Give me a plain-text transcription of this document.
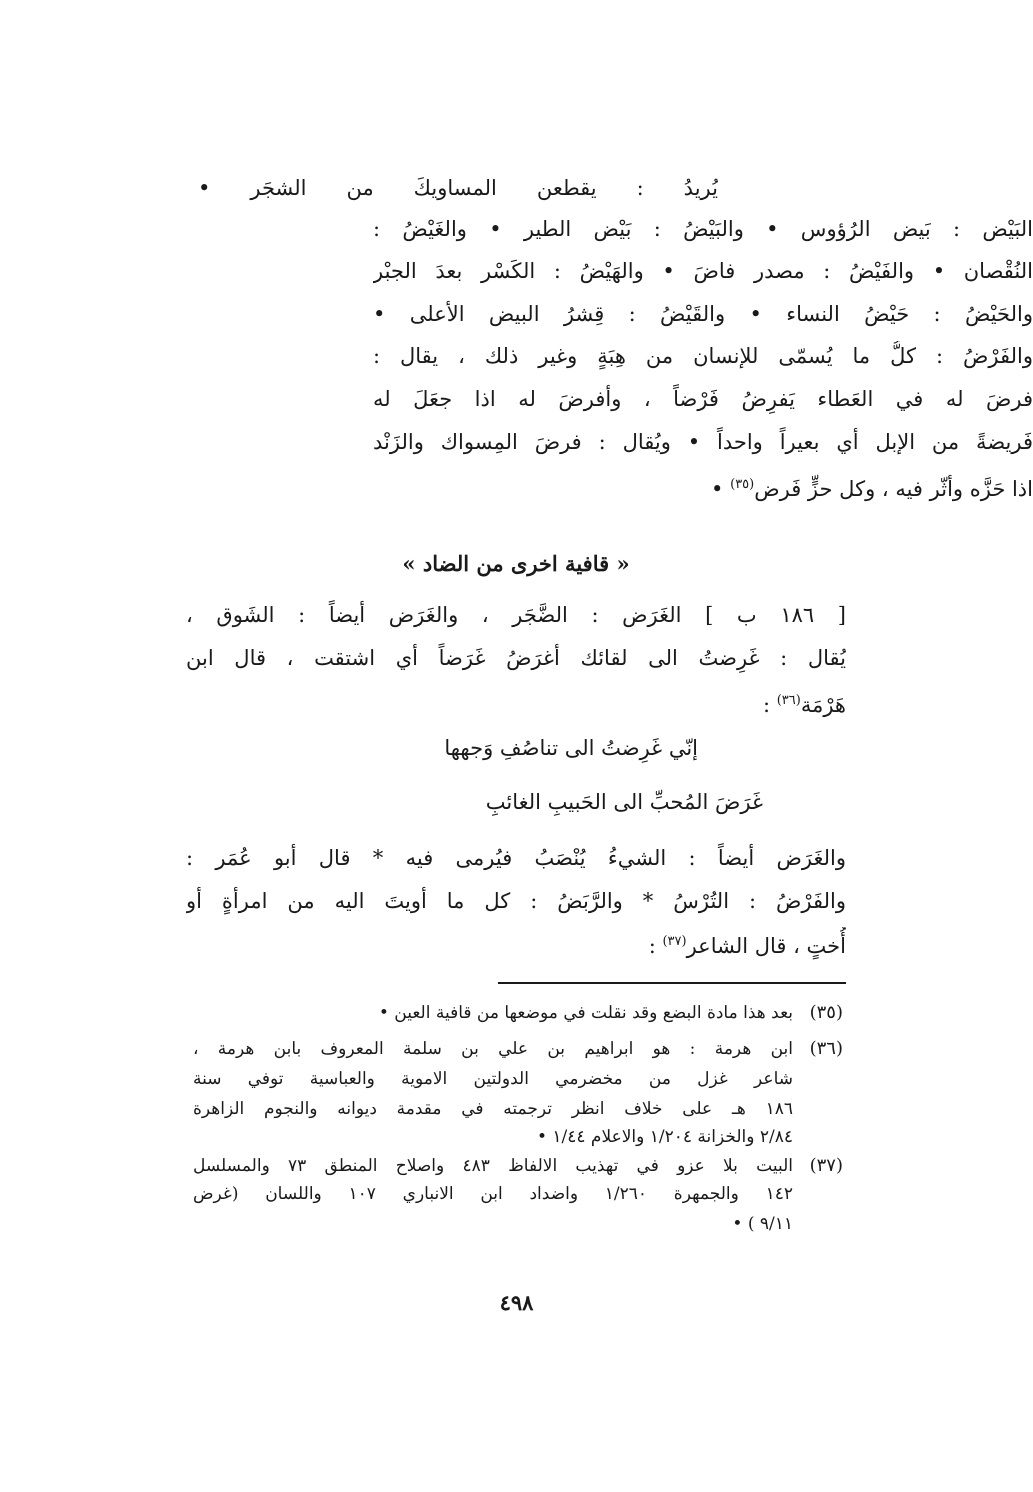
يُريدُ : يقطعن المساويكَ من الشجَر •
البَيْض : بَيض الرُؤوس • والبَيْضُ : بَيْض الطير • والغَيْضُ :
النُقْصان • والفَيْضُ : مصدر فاضَ • والهَيْضُ : الكَسْر بعدَ الجبْر
والحَيْضُ : حَيْضُ النساء • والقَيْضُ : قِشرُ البيض الأعلى •
والفَرْضُ : كلُّ ما يُسمّى للإنسان من هِبَةٍ وغير ذلك ، يقال :
فرضَ له في العَطاء يَفرِضُ فَرْضاً ، وأفرضَ له اذا جعَلَ له
فَريضةً من الإبل أي بعيراً واحداً • ويُقال : فرضَ المِسواك والزَنْد
اذا حَزَّه وأثّر فيه ، وكل حزٍّ فَرض$^{(٣٥)}$ •
« قافية اخرى من الضاد »
[ ١٨٦ ب ] الغَرَض : الضَّجَر ، والغَرَض أيضاً : الشَوق ،
يُقال : غَرِضتُ الى لقائك أغرَضُ غَرَضاً أي اشتقت ، قال ابن
هَرْمَة$^{(٣٦)}$ :
إنّي غَرِضتُ الى تناصُفِ وَجهها
غَرَضَ المُحبِّ الى الحَبيبِ الغائبِ
والغَرَض أيضاً : الشيءُ يُنْصَبُ فيُرمى فيه * قال أبو عُمَر :
والفَرْضُ : التُرْسُ * والرَّبَضُ : كل ما أويتَ اليه من امرأةٍ أو
أُختٍ ، قال الشاعر$^{(٣٧)}$ :
(٣٥)
بعد هذا مادة البضع وقد نقلت في موضعها من قافية العين •
(٣٦)
ابن هرمة : هو ابراهيم بن علي بن سلمة المعروف بابن هرمة ،
شاعر غزل من مخضرمي الدولتين الاموية والعباسية توفي سنة
١٨٦ هـ على خلاف انظر ترجمته في مقدمة ديوانه والنجوم الزاهرة
٢/٨٤ والخزانة ١/٢٠٤ والاعلام ١/٤٤ •
(٣٧)
البيت بلا عزو في تهذيب الالفاظ ٤٨٣ واصلاح المنطق ٧٣ والمسلسل
١٤٢ والجمهرة ١/٢٦٠ واضداد ابن الانباري ١٠٧ واللسان (غرض
٩/١١ ) •
٤٩٨
